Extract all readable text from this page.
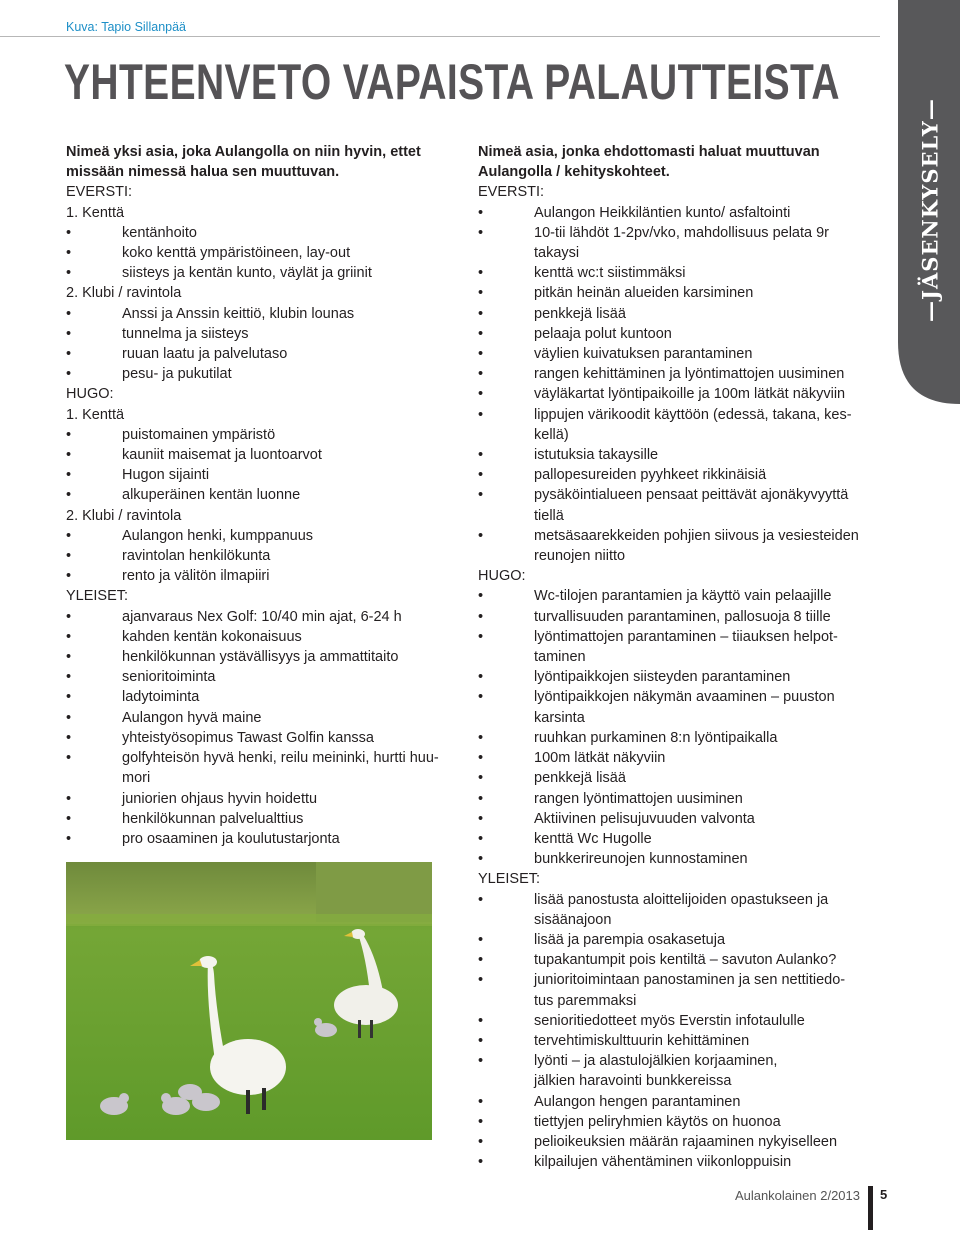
Kuva: Tapio Sillanpää
YHTEENVETO VAPAISTA PALAUTTEISTA
Nimeä yksi asia, joka Aulangolla on niin hyvin, ettet
missään nimessä halua sen muuttuvan.
EVERSTI:
1. Kenttä
•	kentänhoito
•	koko kenttä ympäristöineen, lay-out
•	siisteys ja kentän kunto, väylät ja griinit
2. Klubi / ravintola
•	Anssi ja Anssin keittiö, klubin lounas
•	tunnelma ja siisteys
•	ruuan laatu ja palvelutaso
•	pesu- ja pukutilat
HUGO:
1. Kenttä
•	puistomainen ympäristö
•	kauniit maisemat ja luontoarvot
•	Hugon sijainti
•	alkuperäinen kentän luonne
2. Klubi / ravintola
•	Aulangon henki, kumppanuus
•	ravintolan henkilökunta
•	rento ja välitön ilmapiiri
YLEISET:
•	ajanvaraus Nex Golf: 10/40 min ajat, 6-24 h
•	kahden kentän kokonaisuus
•	henkilökunnan ystävällisyys ja ammattitaito
•	senioritoiminta
•	ladytoiminta
•	Aulangon hyvä maine
•	yhteistyösopimus Tawast Golfin kanssa
•	golfyhteisön hyvä henki, reilu meininki, hurtti huu-
mori
•	juniorien ohjaus hyvin hoidettu
•	henkilökunnan palvelualttius
•	pro osaaminen ja koulutustarjonta
Nimeä asia, jonka ehdottomasti haluat muuttuvan
Aulangolla / kehityskohteet.
EVERSTI:
•	Aulangon Heikkiläntien kunto/ asfaltointi
•	10-tii lähdöt 1-2pv/vko, mahdollisuus pelata 9r
takaysi
•	kenttä wc:t siistimmäksi
•	pitkän heinän alueiden karsiminen
•	penkkejä lisää
•	pelaaja polut kuntoon
•	väylien kuivatuksen parantaminen
•	rangen kehittäminen ja lyöntimattojen uusiminen
•	väyläkartat lyöntipaikoille ja 100m lätkät näkyviin
•	lippujen värikoodit käyttöön (edessä, takana, kes-
kellä)
•	istutuksia takaysille
•	pallopesureiden pyyhkeet rikkinäisiä
•	pysäköintialueen pensaat peittävät ajonäkyvyyttä
tiellä
•	metsäsaarekkeiden pohjien siivous ja vesiesteiden
reunojen niitto
HUGO:
•	Wc-tilojen parantamien ja käyttö vain pelaajille
•	turvallisuuden parantaminen, pallosuoja 8 tiille
•	lyöntimattojen parantaminen – tiiauksen helpot-
taminen
•	lyöntipaikkojen siisteyden parantaminen
•	lyöntipaikkojen näkymän avaaminen – puuston
karsinta
•	ruuhkan purkaminen 8:n lyöntipaikalla
•	100m lätkät näkyviin
•	penkkejä lisää
•	rangen lyöntimattojen uusiminen
•	Aktiivinen pelisujuvuuden valvonta
•	kenttä Wc Hugolle
•	bunkkerireunojen kunnostaminen
YLEISET:
•	lisää panostusta aloittelijoiden opastukseen ja
sisäänajoon
•	lisää ja parempia osakasetuja
•	tupakantumpit pois kentiltä – savuton Aulanko?
•	junioritoimintaan panostaminen ja sen nettitiedo-
tus paremmaksi
•	senioritiedotteet myös Everstin infotaululle
•	tervehtimiskulttuurin kehittäminen
•	lyönti – ja alastulojälkien korjaaminen,
jälkien haravointi bunkkereissa
•	Aulangon hengen parantaminen
•	tiettyjen peliryhmien käytös on huonoa
•	pelioikeuksien määrän rajaaminen nykyiselleen
•	kilpailujen vähentäminen viikonloppuisin
—JÄSENKYSELY—
Aulankolainen 2/2013 5
